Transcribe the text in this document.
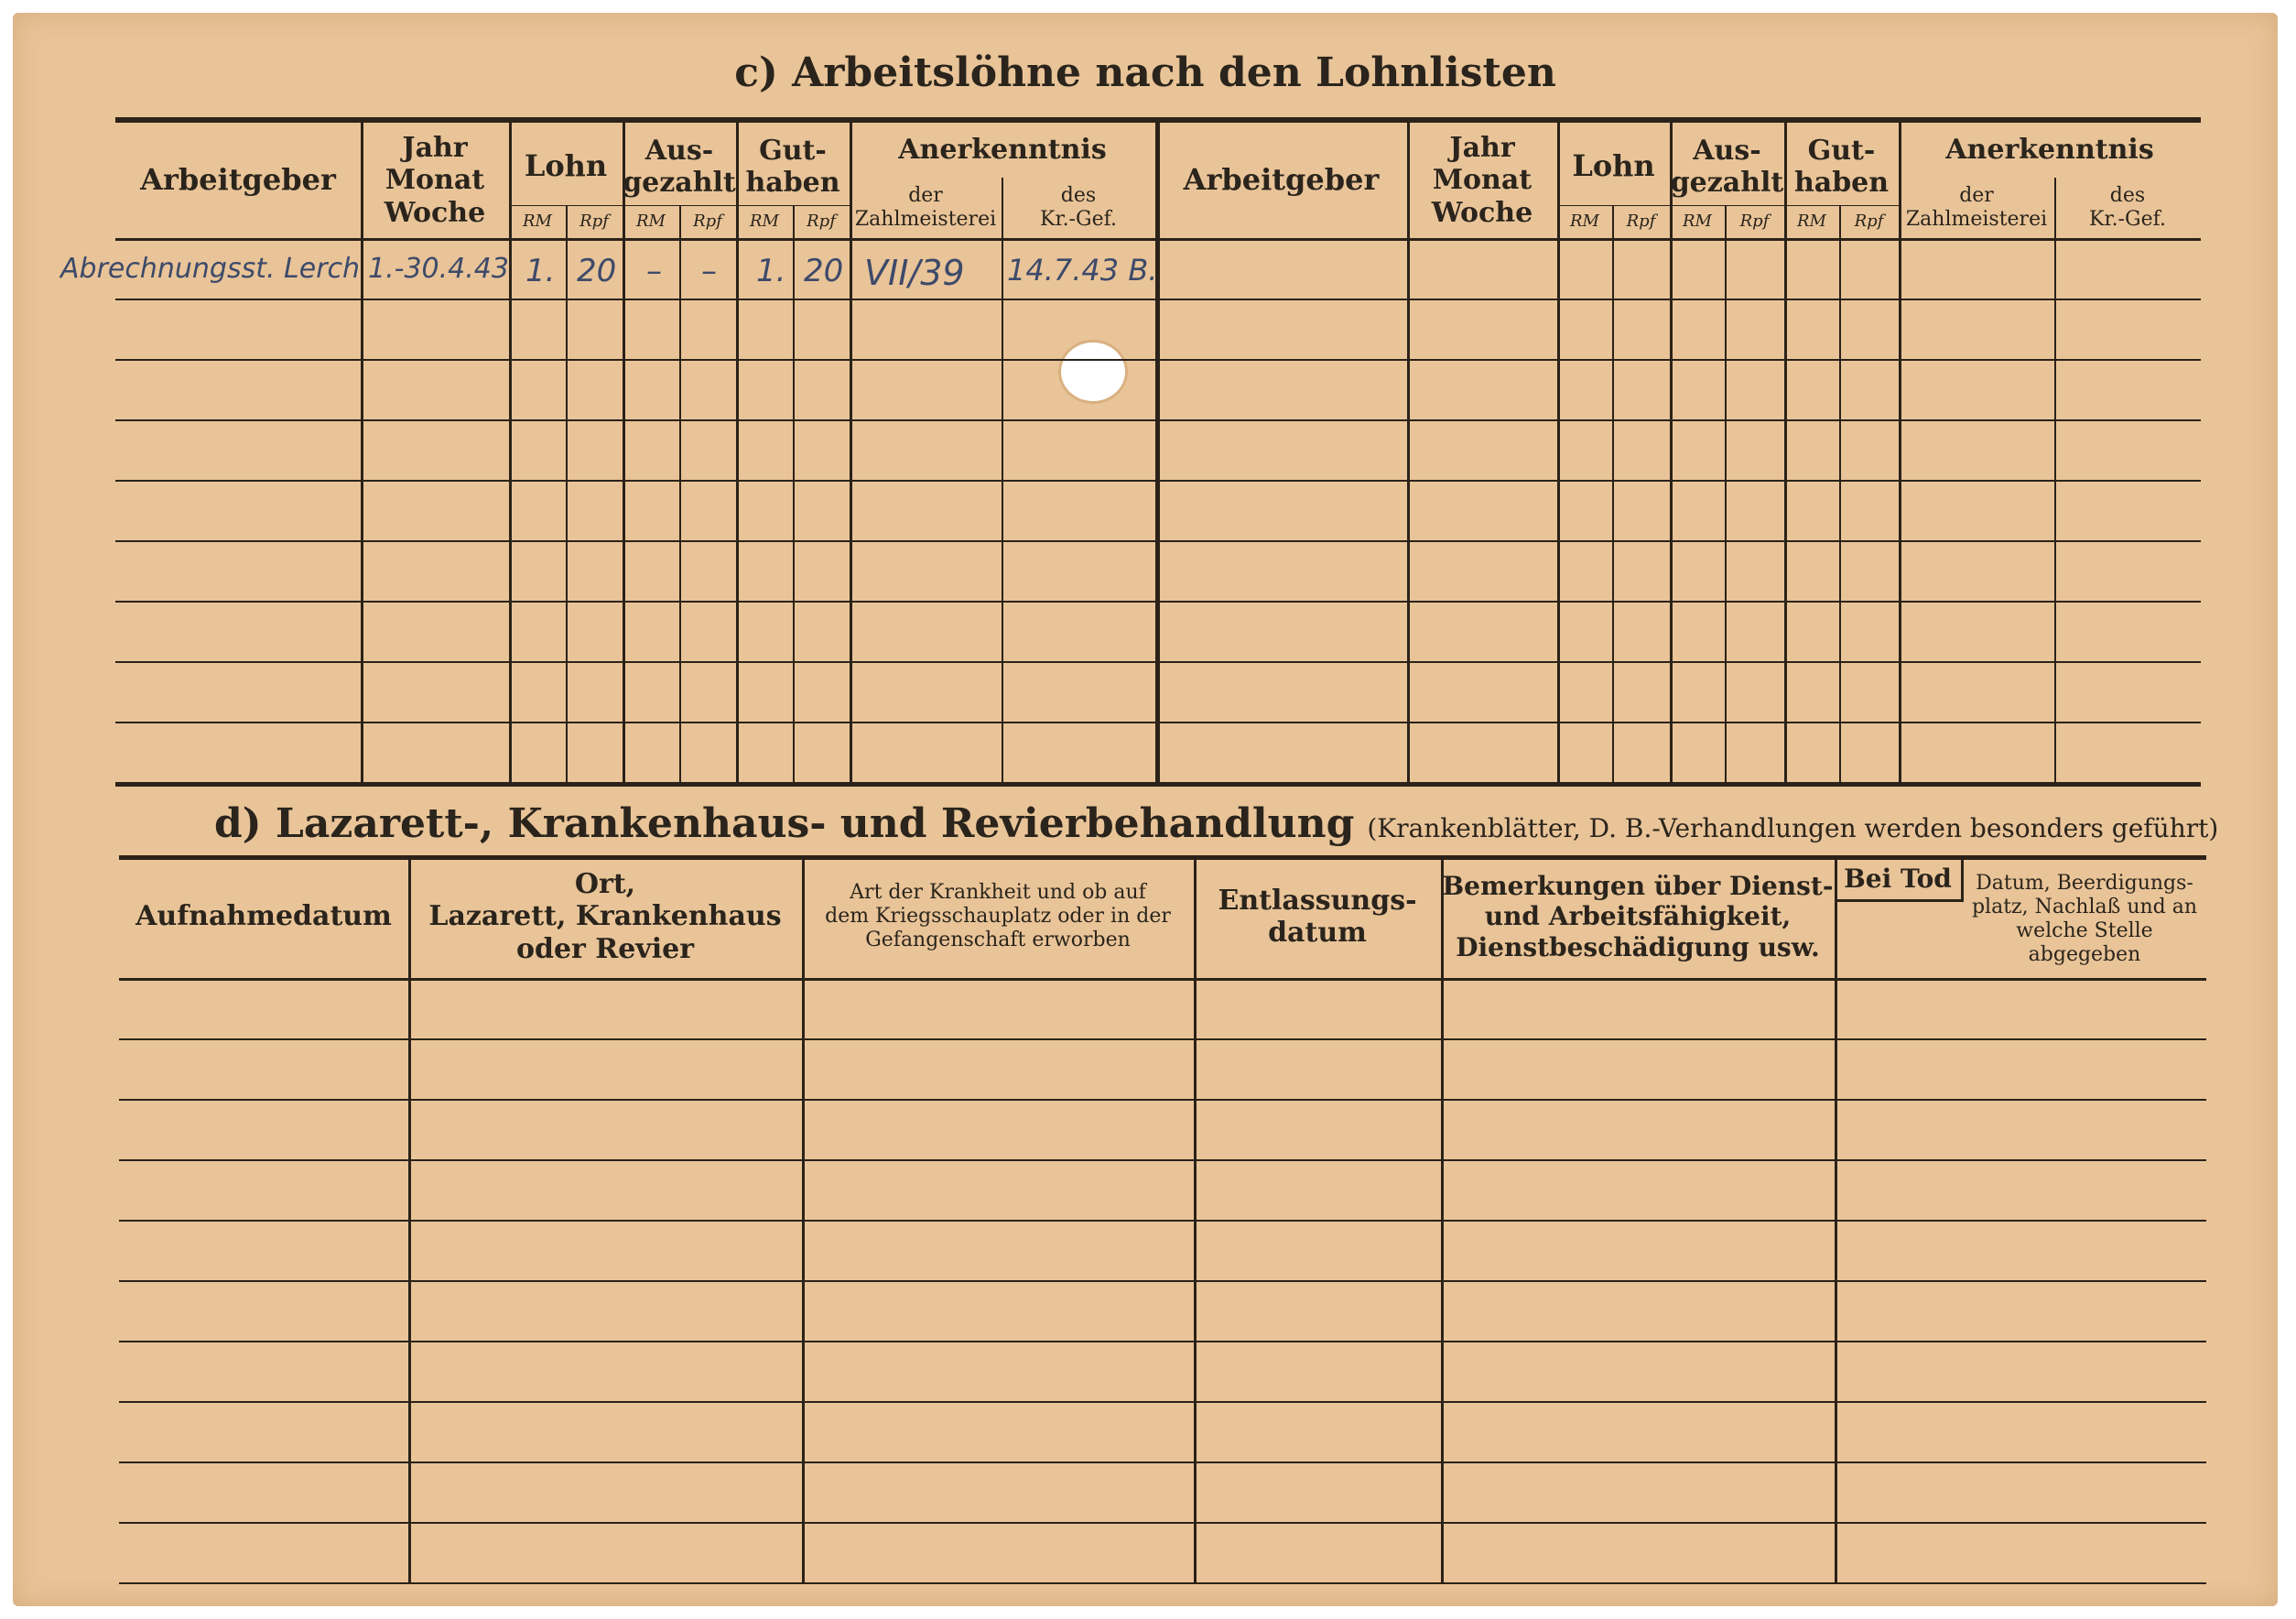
c) Arbeitslöhne nach den Lohnlisten
Arbeitgeber
Jahr
Monat
Woche
Lohn Aus-
gezahlt
Gut-
haben
Anerkenntnis
der
Zahlmeisterei
des
Kr.-Gef.
RM Rpf RM Rpf RM Rpf
Arbeitgeber
Jahr
Monat
Woche
Lohn Aus-
gezahlt
Gut-
haben
Anerkenntnis
der
Zahlmeisterei
des
Kr.-Gef.
RM Rpf RM Rpf RM Rpf
Abrechnungsst. Lerch 1.-30.4.43 1. 20 – – 1. 20 VII/39 14.7.43 B.
d) Lazarett-, Krankenhaus- und Revierbehandlung (Krankenblätter, D. B.-Verhandlungen werden besonders geführt)
Aufnahmedatum
Ort,
Lazarett, Krankenhaus
oder Revier
Art der Krankheit und ob auf
dem Kriegsschauplatz oder in der
Gefangenschaft erworben
Entlassungs-
datum
Bemerkungen über Dienst-
und Arbeitsfähigkeit,
Dienstbeschädigung usw.
Bei Tod	Datum, Beerdigungs-
platz, Nachlaß und an
welche Stelle abgegeben
